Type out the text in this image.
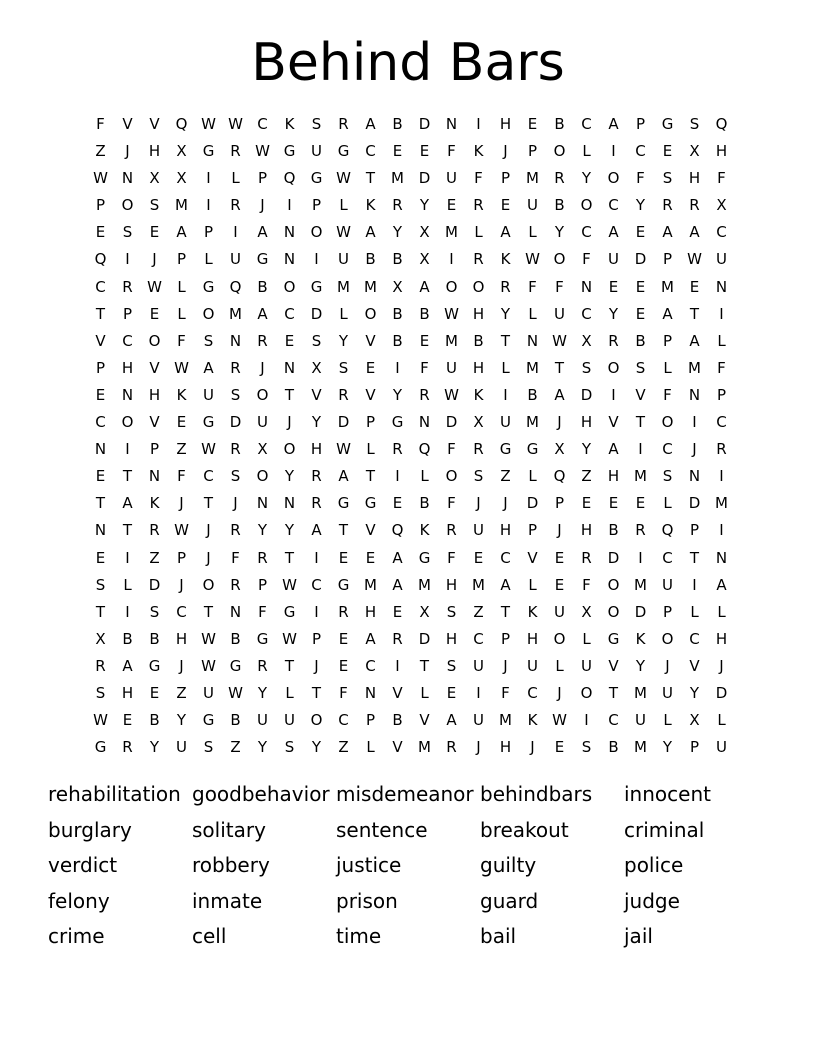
Behind Bars
F	V	V	Q W W C	K	S	R	A	B	D	N	I	H	E	B	C	A	P	G	S	Q
Z	J	H	X	G	R W G	U	G	C	E	E	F	K	J	P	O	L	I	C	E	X	H
W N	X	X	I	L	P	Q	G W T	M D	U	F	P	M	R	Y	O	F	S	H	F
P	O	S	M	I	R	J	I	P	L	K	R	Y	E	R	E	U	B	O	C	Y	R	R	X
E	S	E	A	P	I	A	N	O W A	Y	X	M	L	A	L	Y	C	A	E	A	A	C
Q	I	J	P	L	U	G	N	I	U	B	B	X	I	R	K W O	F	U	D	P	W U
C	R W	L	G	Q	B	O	G M M	X	A	O	O	R	F	F	N	E	E	M	E	N
T	P	E	L	O M	A	C	D	L	O	B	B W H	Y	L	U	C	Y	E	A	T	I
V	C	O	F	S	N	R	E	S	Y	V	B	E	M	B	T	N W X	R	B	P	A	L
P	H	V W A	R	J	N	X	S	E	I	F	U	H	L	M	T	S	O	S	L	M	F
E	N	H	K	U	S	O	T	V	R	V	Y	R W K	I	B	A	D	I	V	F	N	P
C	O	V	E	G	D	U	J	Y	D	P	G	N	D	X	U	M	J	H	V	T	O	I	C
N	I	P	Z W R	X	O	H W	L	R	Q	F	R	G	G	X	Y	A	I	C	J	R
E	T	N	F	C	S	O	Y	R	A	T	I	L	O	S	Z	L	Q	Z	H M	S	N	I
T	A	K	J	T	J	N	N	R	G	G	E	B	F	J	J	D	P	E	E	E	L	D M
N	T	R W	J	R	Y	Y	A	T	V	Q	K	R	U	H	P	J	H	B	R	Q	P	I
E	I	Z	P	J	F	R	T	I	E	E	A	G	F	E	C	V	E	R	D	I	C	T	N
S	L	D	J	O	R	P	W C	G M	A	M H M	A	L	E	F	O M	U	I	A
T	I	S	C	T	N	F	G	I	R	H	E	X	S	Z	T	K	U	X	O	D	P	L	L
X	B	B	H W B	G W	P	E	A	R	D	H	C	P	H	O	L	G	K	O	C	H
R	A	G	J	W G	R	T	J	E	C	I	T	S	U	J	U	L	U	V	Y	J	V	J
S	H	E	Z	U W Y	L	T	F	N	V	L	E	I	F	C	J	O	T	M	U	Y	D
W E	B	Y	G	B	U	U	O	C	P	B	V	A	U	M	K W	I	C	U	L	X	L
G	R	Y	U	S	Z	Y	S	Y	Z	L	V	M	R	J	H	J	E	S	B	M	Y	P	U
rehabilitation goodbehavior misdemeanor behindbars	innocent
burglary	solitary	sentence	breakout	criminal
verdict	robbery	justice	guilty	police
felony	inmate	prison	guard	judge
crime	cell	time	bail	jail
